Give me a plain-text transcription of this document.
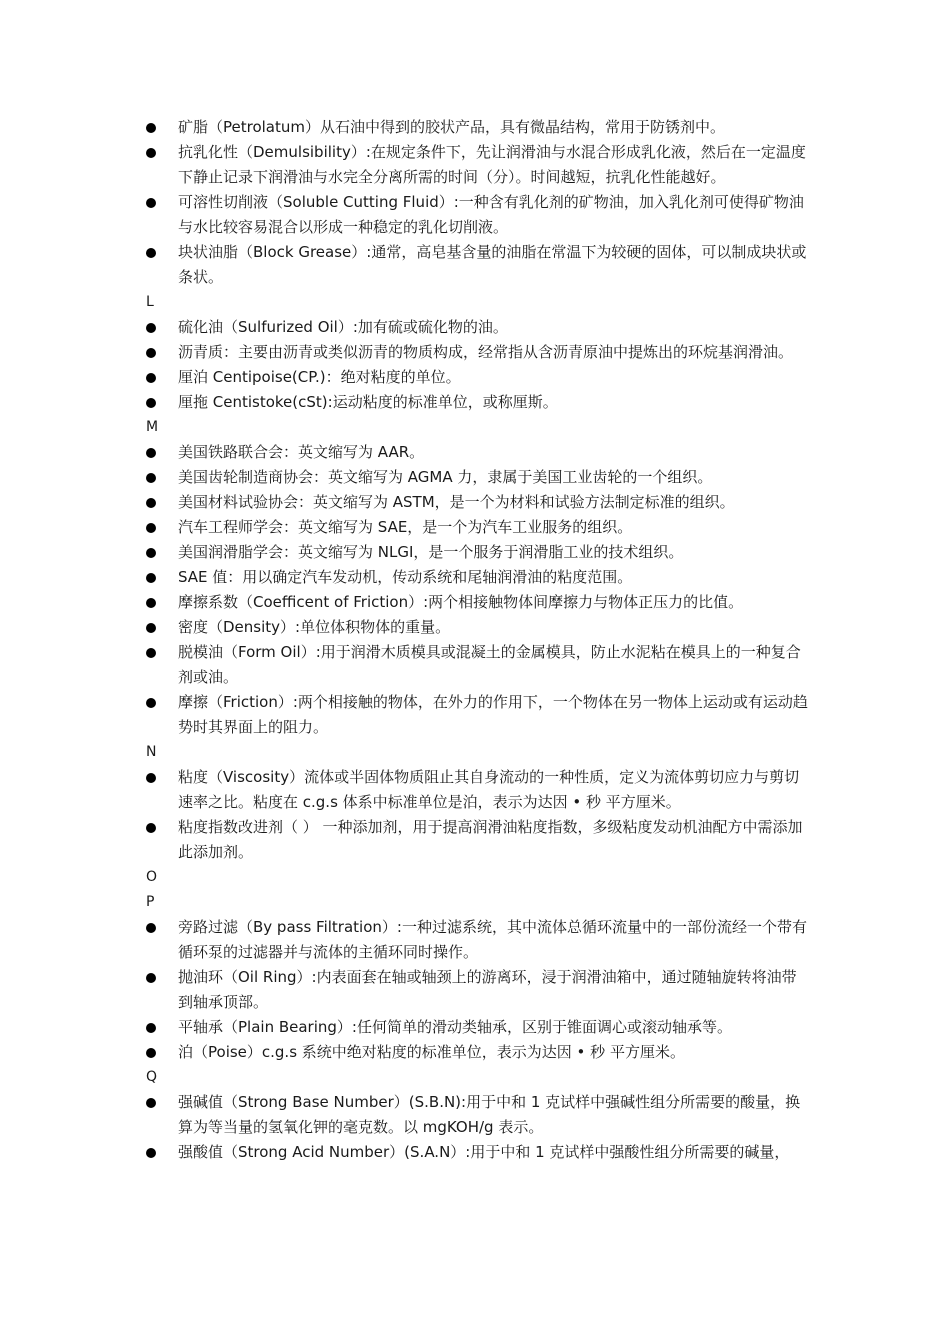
矿脂（Petrolatum）从石油中得到的胶状产品，具有微晶结构，常用于防锈剂中。
抗乳化性（Demulsibility）:在规定条件下，先让润滑油与水混合形成乳化液，然后在一定温度下静止记录下润滑油与水完全分离所需的时间（分）。时间越短，抗乳化性能越好。
可溶性切削液（Soluble Cutting Fluid）:一种含有乳化剂的矿物油，加入乳化剂可使得矿物油与水比较容易混合以形成一种稳定的乳化切削液。
块状油脂（Block Grease）:通常，高皂基含量的油脂在常温下为较硬的固体，可以制成块状或条状。
L
硫化油（Sulfurized Oil）:加有硫或硫化物的油。
沥青质：主要由沥青或类似沥青的物质构成，经常指从含沥青原油中提炼出的环烷基润滑油。
厘泊 Centipoise(CP.)：绝对粘度的单位。
厘拖 Centistoke(cSt):运动粘度的标准单位，或称厘斯。
M
美国铁路联合会：英文缩写为 AAR。
美国齿轮制造商协会：英文缩写为 AGMA 力，隶属于美国工业齿轮的一个组织。
美国材料试验协会：英文缩写为 ASTM，是一个为材料和试验方法制定标准的组织。
汽车工程师学会：英文缩写为 SAE，是一个为汽车工业服务的组织。
美国润滑脂学会：英文缩写为 NLGI，是一个服务于润滑脂工业的技术组织。
SAE 值：用以确定汽车发动机，传动系统和尾轴润滑油的粘度范围。
摩擦系数（Coefficent of Friction）:两个相接触物体间摩擦力与物体正压力的比值。
密度（Density）:单位体积物体的重量。
脱模油（Form Oil）:用于润滑木质模具或混凝土的金属模具，防止水泥粘在模具上的一种复合剂或油。
摩擦（Friction）:两个相接触的物体，在外力的作用下，一个物体在另一物体上运动或有运动趋势时其界面上的阻力。
N
粘度（Viscosity）流体或半固体物质阻止其自身流动的一种性质，定义为流体剪切应力与剪切速率之比。粘度在 c.g.s 体系中标准单位是泊，表示为达因 • 秒 平方厘米。
粘度指数改进剂（ ） 一种添加剂，用于提高润滑油粘度指数，多级粘度发动机油配方中需添加此添加剂。
O
P
旁路过滤（By pass Filtration）:一种过滤系统，其中流体总循环流量中的一部份流经一个带有循环泵的过滤器并与流体的主循环同时操作。
抛油环（Oil Ring）:内表面套在轴或轴颈上的游离环，浸于润滑油箱中，通过随轴旋转将油带到轴承顶部。
平轴承（Plain Bearing）:任何简单的滑动类轴承，区别于锥面调心或滚动轴承等。
泊（Poise）c.g.s 系统中绝对粘度的标准单位，表示为达因 • 秒 平方厘米。
Q
强碱值（Strong Base Number）(S.B.N):用于中和 1 克试样中强碱性组分所需要的酸量，换算为等当量的氢氧化钾的毫克数。以 mgKOH/g 表示。
强酸值（Strong Acid Number）(S.A.N）:用于中和 1 克试样中强酸性组分所需要的碱量，
